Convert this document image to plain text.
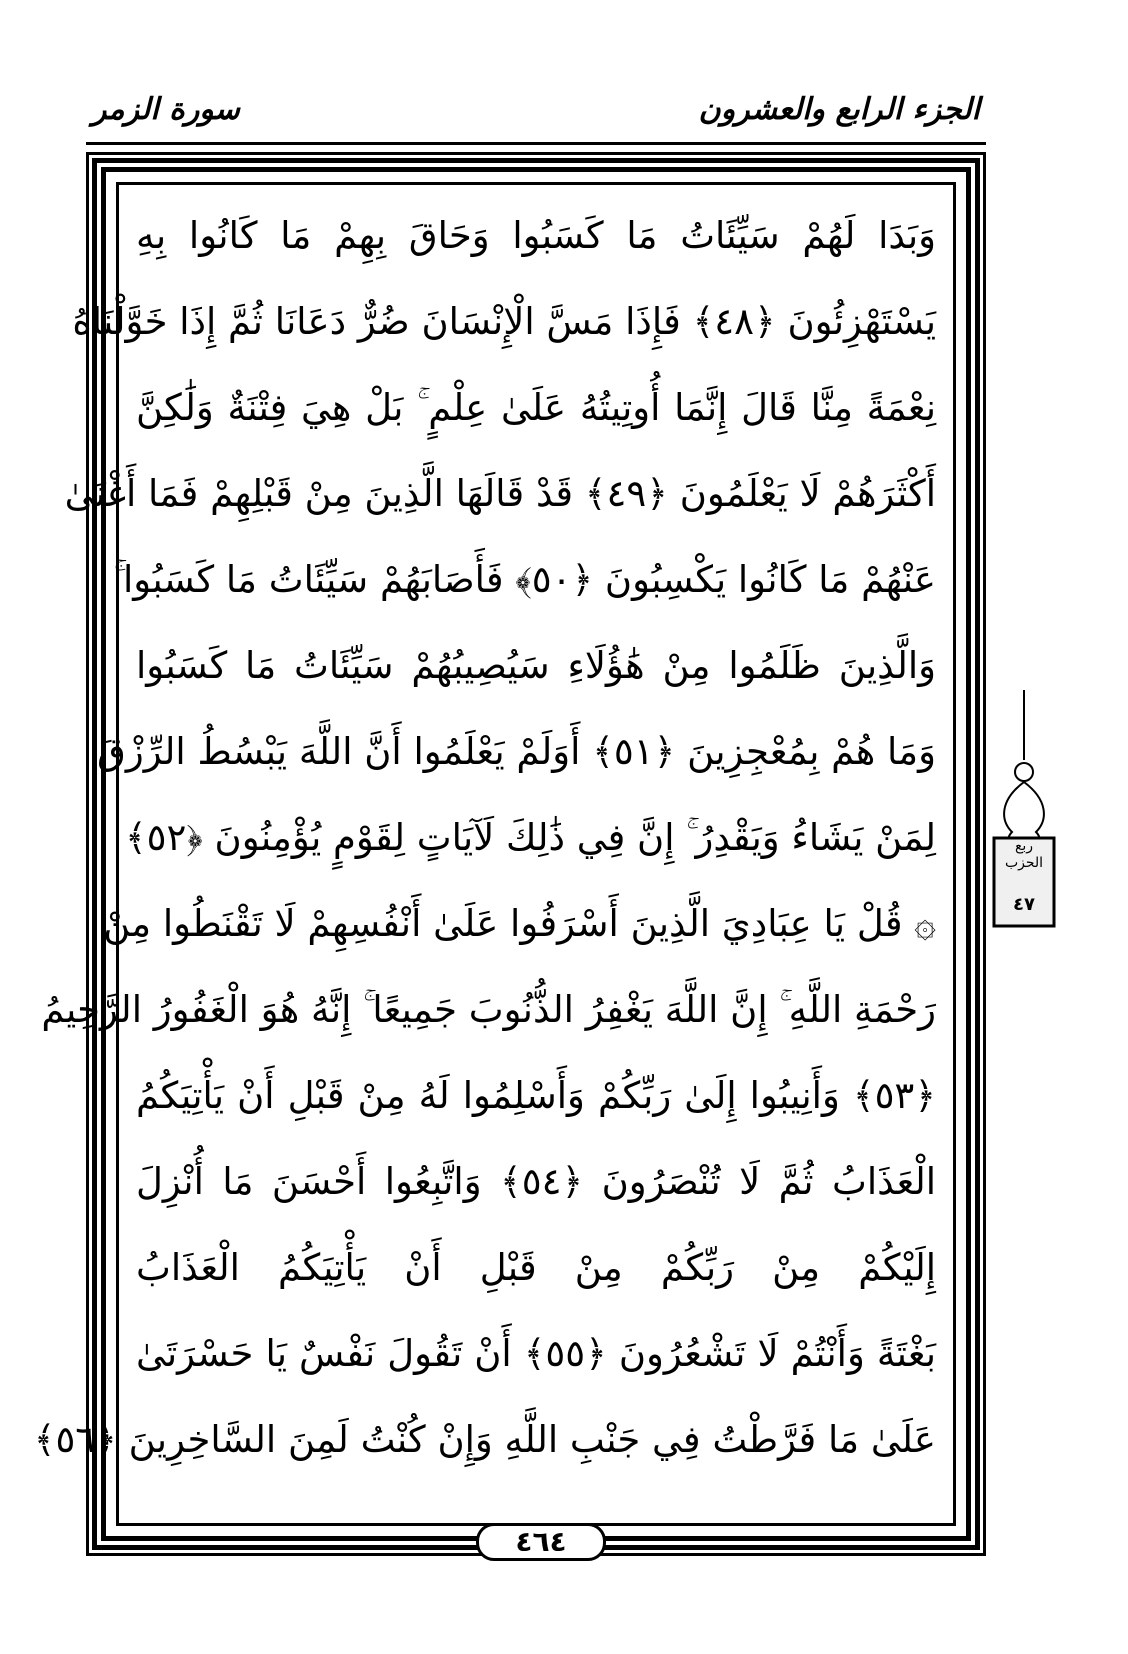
الجزء الرابع والعشرون
سورة الزمر
وَبَدَا لَهُمْ سَيِّئَاتُ مَا كَسَبُوا وَحَاقَ بِهِمْ مَا كَانُوا بِهِ
يَسْتَهْزِئُونَ ﴿٤٨﴾ فَإِذَا مَسَّ الْإِنْسَانَ ضُرٌّ دَعَانَا ثُمَّ إِذَا خَوَّلْنَاهُ
نِعْمَةً مِنَّا قَالَ إِنَّمَا أُوتِيتُهُ عَلَىٰ عِلْمٍ ۚ بَلْ هِيَ فِتْنَةٌ وَلَٰكِنَّ
أَكْثَرَهُمْ لَا يَعْلَمُونَ ﴿٤٩﴾ قَدْ قَالَهَا الَّذِينَ مِنْ قَبْلِهِمْ فَمَا أَغْنَىٰ
عَنْهُمْ مَا كَانُوا يَكْسِبُونَ ﴿٥٠﴾ فَأَصَابَهُمْ سَيِّئَاتُ مَا كَسَبُوا ۚ
وَالَّذِينَ ظَلَمُوا مِنْ هَٰؤُلَاءِ سَيُصِيبُهُمْ سَيِّئَاتُ مَا كَسَبُوا
وَمَا هُمْ بِمُعْجِزِينَ ﴿٥١﴾ أَوَلَمْ يَعْلَمُوا أَنَّ اللَّهَ يَبْسُطُ الرِّزْقَ
لِمَنْ يَشَاءُ وَيَقْدِرُ ۚ إِنَّ فِي ذَٰلِكَ لَآيَاتٍ لِقَوْمٍ يُؤْمِنُونَ ﴿٥٢﴾
۞ قُلْ يَا عِبَادِيَ الَّذِينَ أَسْرَفُوا عَلَىٰ أَنْفُسِهِمْ لَا تَقْنَطُوا مِنْ
رَحْمَةِ اللَّهِ ۚ إِنَّ اللَّهَ يَغْفِرُ الذُّنُوبَ جَمِيعًا ۚ إِنَّهُ هُوَ الْغَفُورُ الرَّحِيمُ
﴿٥٣﴾ وَأَنِيبُوا إِلَىٰ رَبِّكُمْ وَأَسْلِمُوا لَهُ مِنْ قَبْلِ أَنْ يَأْتِيَكُمُ
الْعَذَابُ ثُمَّ لَا تُنْصَرُونَ ﴿٥٤﴾ وَاتَّبِعُوا أَحْسَنَ مَا أُنْزِلَ
إِلَيْكُمْ مِنْ رَبِّكُمْ مِنْ قَبْلِ أَنْ يَأْتِيَكُمُ الْعَذَابُ
بَغْتَةً وَأَنْتُمْ لَا تَشْعُرُونَ ﴿٥٥﴾ أَنْ تَقُولَ نَفْسٌ يَا حَسْرَتَىٰ
عَلَىٰ مَا فَرَّطْتُ فِي جَنْبِ اللَّهِ وَإِنْ كُنْتُ لَمِنَ السَّاخِرِينَ ﴿٥٦﴾
٤٦٤
ربع
الحزب
٤٧
